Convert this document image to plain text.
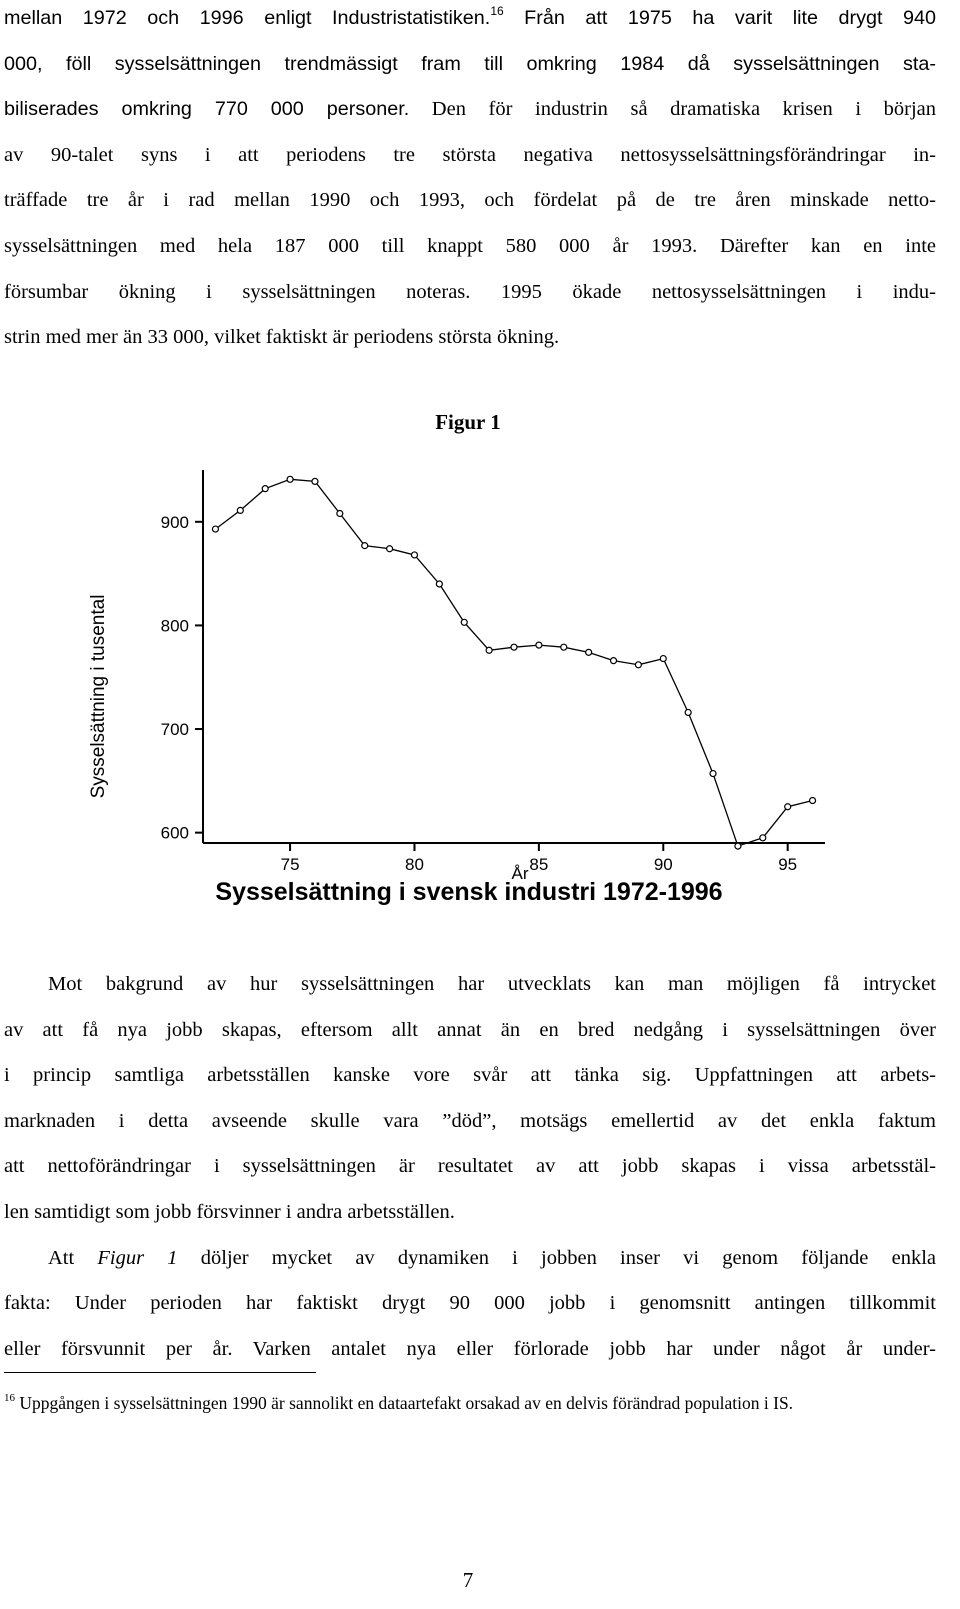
mellan 1972 och 1996 enligt Industristatistiken.$^{16}$ Från att 1975 ha varit lite drygt 940
000, föll sysselsättningen trendmässigt fram till omkring 1984 då sysselsättningen sta-
biliserades omkring 770 000 personer. Den för industrin så dramatiska krisen i början
av 90-talet syns i att periodens tre största negativa nettosysselsättningsförändringar in-
träffade tre år i rad mellan 1990 och 1993, och fördelat på de tre åren minskade netto-
sysselsättningen med hela 187 000 till knappt 580 000 år 1993. Därefter kan en inte
försumbar ökning i sysselsättningen noteras. 1995 ökade nettosysselsättningen i indu-
strin med mer än 33 000, vilket faktiskt är periodens största ökning.
Figur 1
600
700
800
900
75	80	85	90	95
Sysselsättning i tusental
År
Sysselsättning i svensk industri 1972-1996
Mot bakgrund av hur sysselsättningen har utvecklats kan man möjligen få intrycket
av att få nya jobb skapas, eftersom allt annat än en bred nedgång i sysselsättningen över
i princip samtliga arbetsställen kanske vore svår att tänka sig. Uppfattningen att arbets-
marknaden i detta avseende skulle vara ”död”, motsägs emellertid av det enkla faktum
att nettoförändringar i sysselsättningen är resultatet av att jobb skapas i vissa arbetsstäl-
len samtidigt som jobb försvinner i andra arbetsställen.
Att Figur 1 döljer mycket av dynamiken i jobben inser vi genom följande enkla
fakta: Under perioden har faktiskt drygt 90 000 jobb i genomsnitt antingen tillkommit
eller försvunnit per år. Varken antalet nya eller förlorade jobb har under något år under-
$^{16}$ Uppgången i sysselsättningen 1990 är sannolikt en dataartefakt orsakad av en delvis förändrad population i IS.
7
